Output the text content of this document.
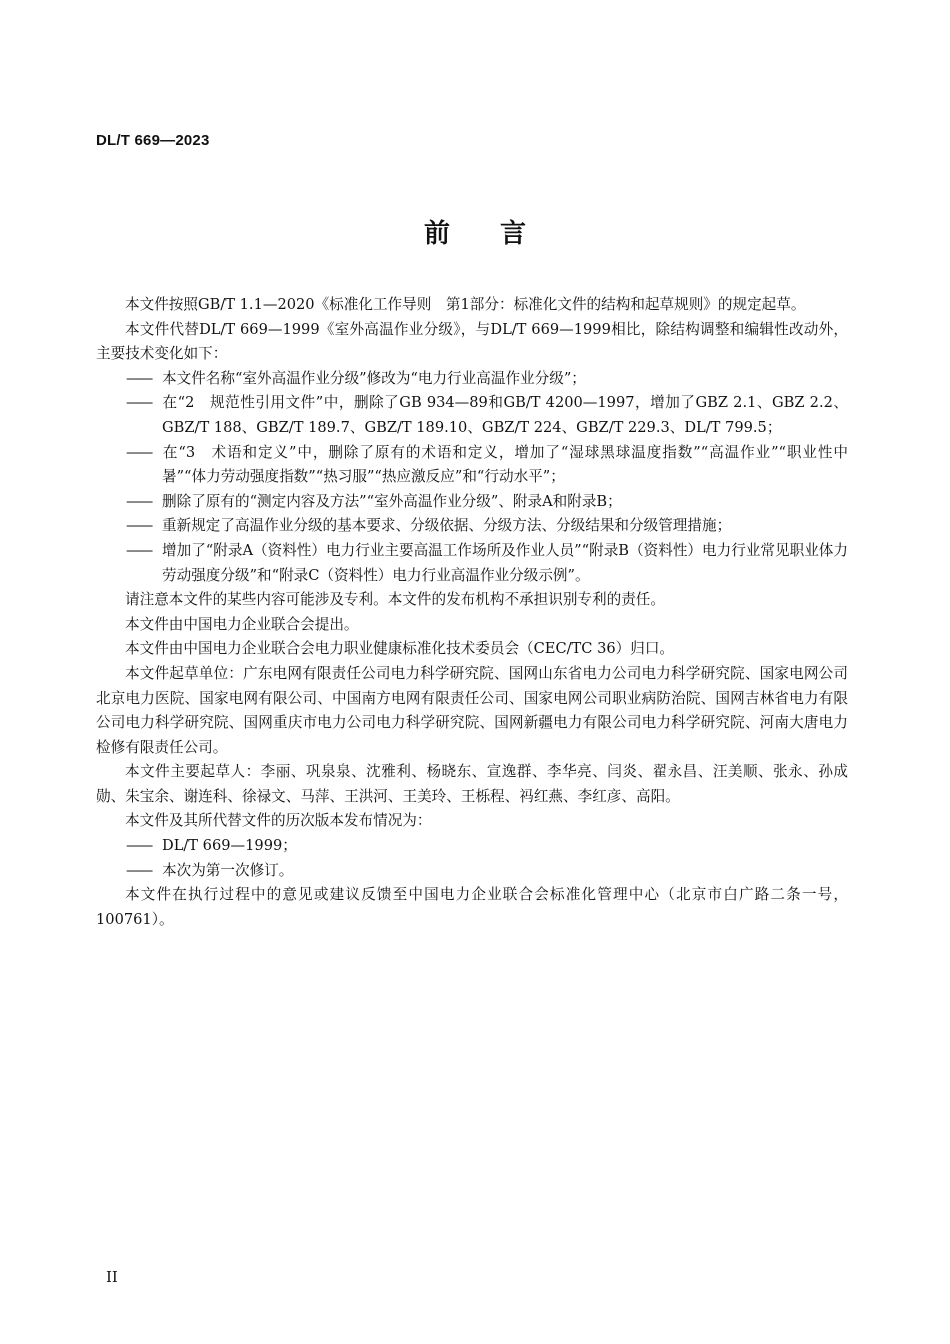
DL/T 669—2023
前言

本文件按照GB/T 1.1—2020《标准化工作导则　第1部分：标准化文件的结构和起草规则》的规定起草。

本文件代替DL/T 669—1999《室外高温作业分级》，与DL/T 669—1999相比，除结构调整和编辑性改动外，主要技术变化如下：

—— 本文件名称“室外高温作业分级”修改为“电力行业高温作业分级”；

—— 在“2　规范性引用文件”中，删除了GB 934—89和GB/T 4200—1997，增加了GBZ 2.1、GBZ 2.2、GBZ/T 188、GBZ/T 189.7、GBZ/T 189.10、GBZ/T 224、GBZ/T 229.3、DL/T 799.5；

—— 在“3　术语和定义”中，删除了原有的术语和定义，增加了“湿球黑球温度指数”“高温作业”“职业性中暑”“体力劳动强度指数”“热习服”“热应激反应”和“行动水平”；

—— 删除了原有的“测定内容及方法”“室外高温作业分级”、附录A和附录B；

—— 重新规定了高温作业分级的基本要求、分级依据、分级方法、分级结果和分级管理措施；

—— 增加了“附录A（资料性）电力行业主要高温工作场所及作业人员”“附录B（资料性）电力行业常见职业体力劳动强度分级”和“附录C（资料性）电力行业高温作业分级示例”。

请注意本文件的某些内容可能涉及专利。本文件的发布机构不承担识别专利的责任。

本文件由中国电力企业联合会提出。

本文件由中国电力企业联合会电力职业健康标准化技术委员会（CEC/TC 36）归口。

本文件起草单位：广东电网有限责任公司电力科学研究院、国网山东省电力公司电力科学研究院、国家电网公司北京电力医院、国家电网有限公司、中国南方电网有限责任公司、国家电网公司职业病防治院、国网吉林省电力有限公司电力科学研究院、国网重庆市电力公司电力科学研究院、国网新疆电力有限公司电力科学研究院、河南大唐电力检修有限责任公司。

本文件主要起草人：李丽、巩泉泉、沈雅利、杨晓东、宣逸群、李华亮、闫炎、翟永昌、汪美顺、张永、孙成勋、朱宝余、谢连科、徐禄文、马萍、王洪河、王美玲、王栎程、祃红燕、李红彦、高阳。

本文件及其所代替文件的历次版本发布情况为：

—— DL/T 669—1999；

—— 本次为第一次修订。

本文件在执行过程中的意见或建议反馈至中国电力企业联合会标准化管理中心（北京市白广路二条一号，100761）。

II
